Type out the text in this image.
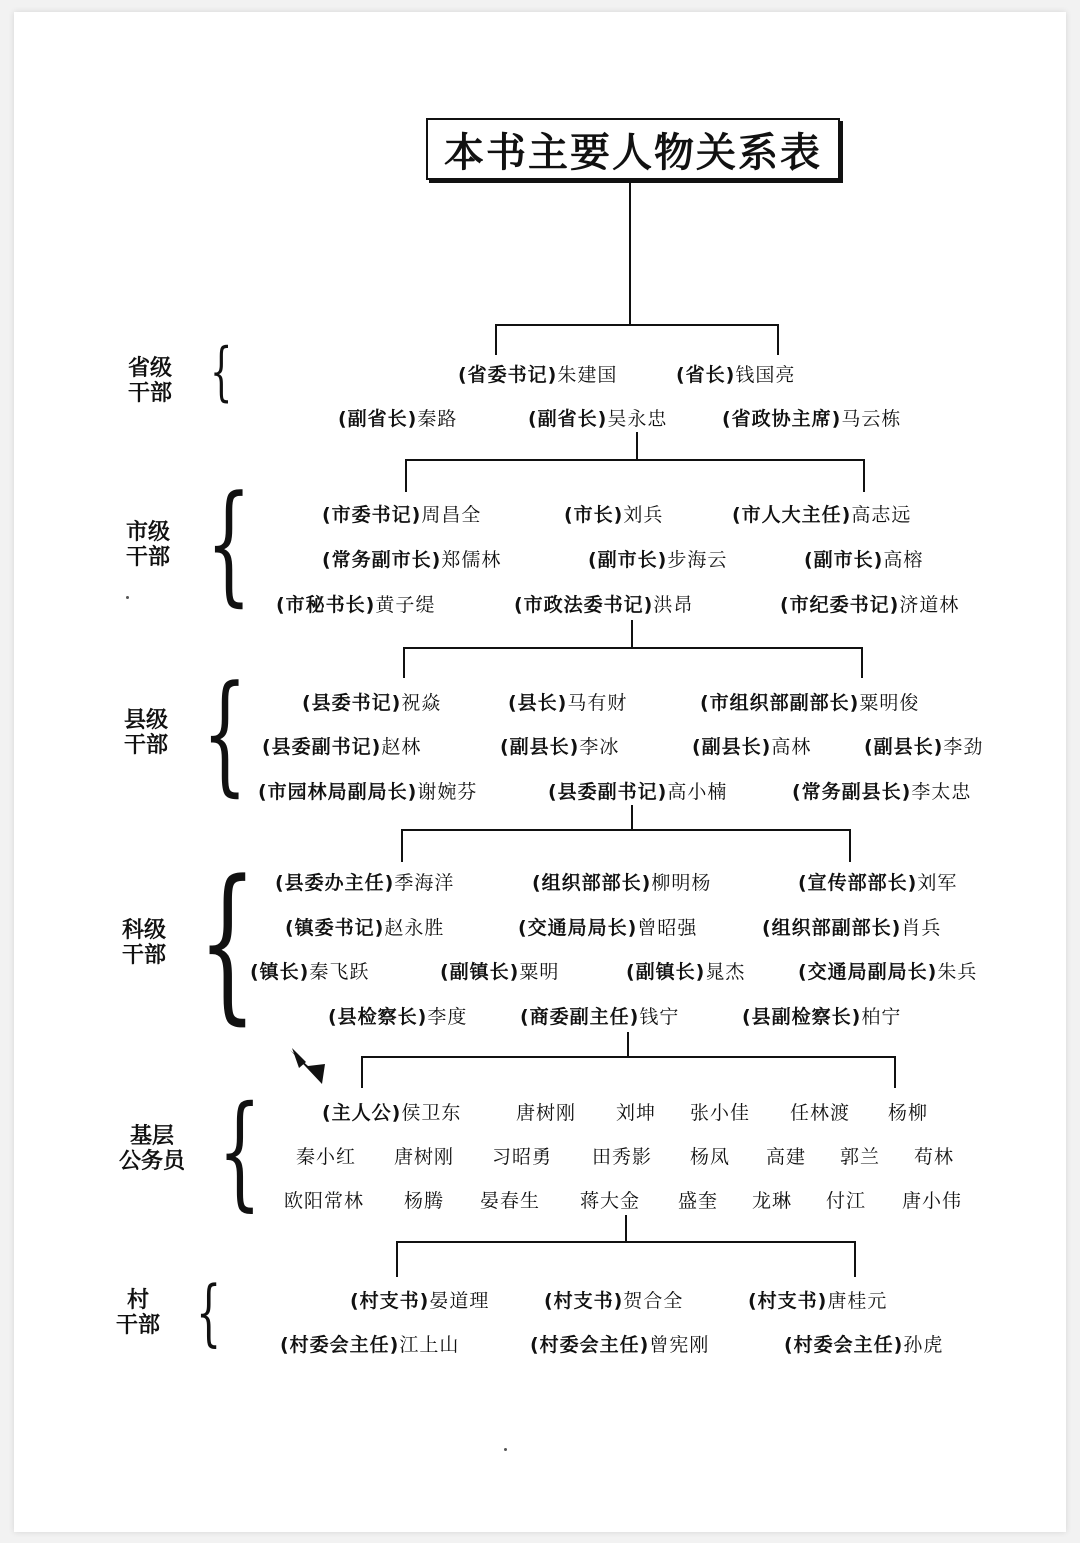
本书主要人物关系表
省级
干部 {	(省委书记)朱建国	(省长)钱国亮
(副省长)秦路	(副省长)吴永忠	(省政协主席)马云栋
市级
干部 {	(市委书记)周昌全	(市长)刘兵	(市人大主任)高志远
(常务副市长)郑儒林	(副市长)步海云	(副市长)高榕
(市秘书长)黄子缇	(市政法委书记)洪昂	(市纪委书记)济道林
县级
干部 {	(县委书记)祝焱	(县长)马有财	(市组织部副部长)粟明俊
(县委副书记)赵林	(副县长)李冰	(副县长)高林	(副县长)李劲
(市园林局副局长)谢婉芬	(县委副书记)高小楠	(常务副县长)李太忠
科级
干部 { (县委办主任)季海洋	(组织部部长)柳明杨	(宣传部部长)刘军
(镇委书记)赵永胜	(交通局局长)曾昭强	(组织部副部长)肖兵
(镇长)秦飞跃	(副镇长)粟明	(副镇长)晁杰	(交通局副局长)朱兵
(县检察长)李度	(商委副主任)钱宁	(县副检察长)柏宁
基层
公务员 {	(主人公)侯卫东	唐树刚 刘坤 张小佳 任林渡 杨柳
秦小红 唐树刚 习昭勇 田秀影 杨凤 高建 郭兰 苟林
欧阳常林 杨腾 晏春生 蒋大金 盛奎 龙琳 付江 唐小伟
村
干部 {	(村支书)晏道理	(村支书)贺合全	(村支书)唐桂元
(村委会主任)江上山	(村委会主任)曾宪刚	(村委会主任)孙虎
